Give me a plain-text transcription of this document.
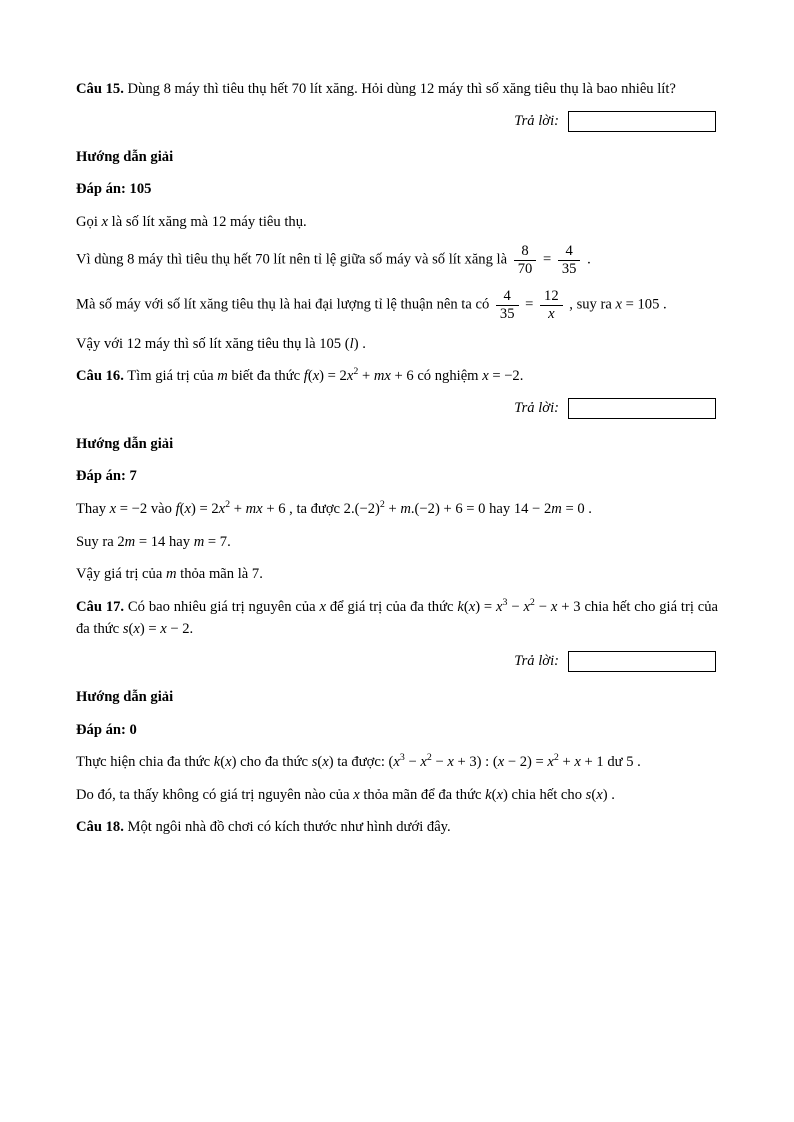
Câu 15. Dùng 8 máy thì tiêu thụ hết 70 lít xăng. Hỏi dùng 12 máy thì số xăng tiêu thụ là bao nhiêu lít?

Trả lời:

Hướng dẫn giải

Đáp án: 105

Gọi x là số lít xăng mà 12 máy tiêu thụ.

Vì dùng 8 máy thì tiêu thụ hết 70 lít nên tỉ lệ giữa số máy và số lít xăng là $\frac{8}{70} = \frac{4}{35}$ .

Mà số máy với số lít xăng tiêu thụ là hai đại lượng tỉ lệ thuận nên ta có $\frac{4}{35} = \frac{12}{x}$ , suy ra x = 105 .

Vậy với 12 máy thì số lít xăng tiêu thụ là 105 (l) .

Câu 16. Tìm giá trị của m biết đa thức $f(x) = 2x^2$ + mx + 6 có nghiệm x = −2.

Trả lời:

Hướng dẫn giải

Đáp án: 7

Thay x = −2 vào $f(x) = 2x^2$ + mx + 6 , ta được $2.(-2)^2 + m.(-2) + 6 = 0$ hay 14 − 2m = 0 .

Suy ra 2m = 14 hay m = 7.

Vậy giá trị của m thỏa mãn là 7.

Câu 17. Có bao nhiêu giá trị nguyên của x để giá trị của đa thức $k(x) = x^3 - x^2 - x + 3$ chia hết cho giá trị của đa thức s(x) = x − 2.

Trả lời:

Hướng dẫn giải

Đáp án: 0

Thực hiện chia đa thức k(x) cho đa thức s(x) ta được: $(x^3 - x^2 - x + 3)$ : $(x - 2) = x^2 + x + 1$ dư 5 .

Do đó, ta thấy không có giá trị nguyên nào của x thỏa mãn để đa thức k(x) chia hết cho s(x) .

Câu 18. Một ngôi nhà đồ chơi có kích thước như hình dưới đây.
